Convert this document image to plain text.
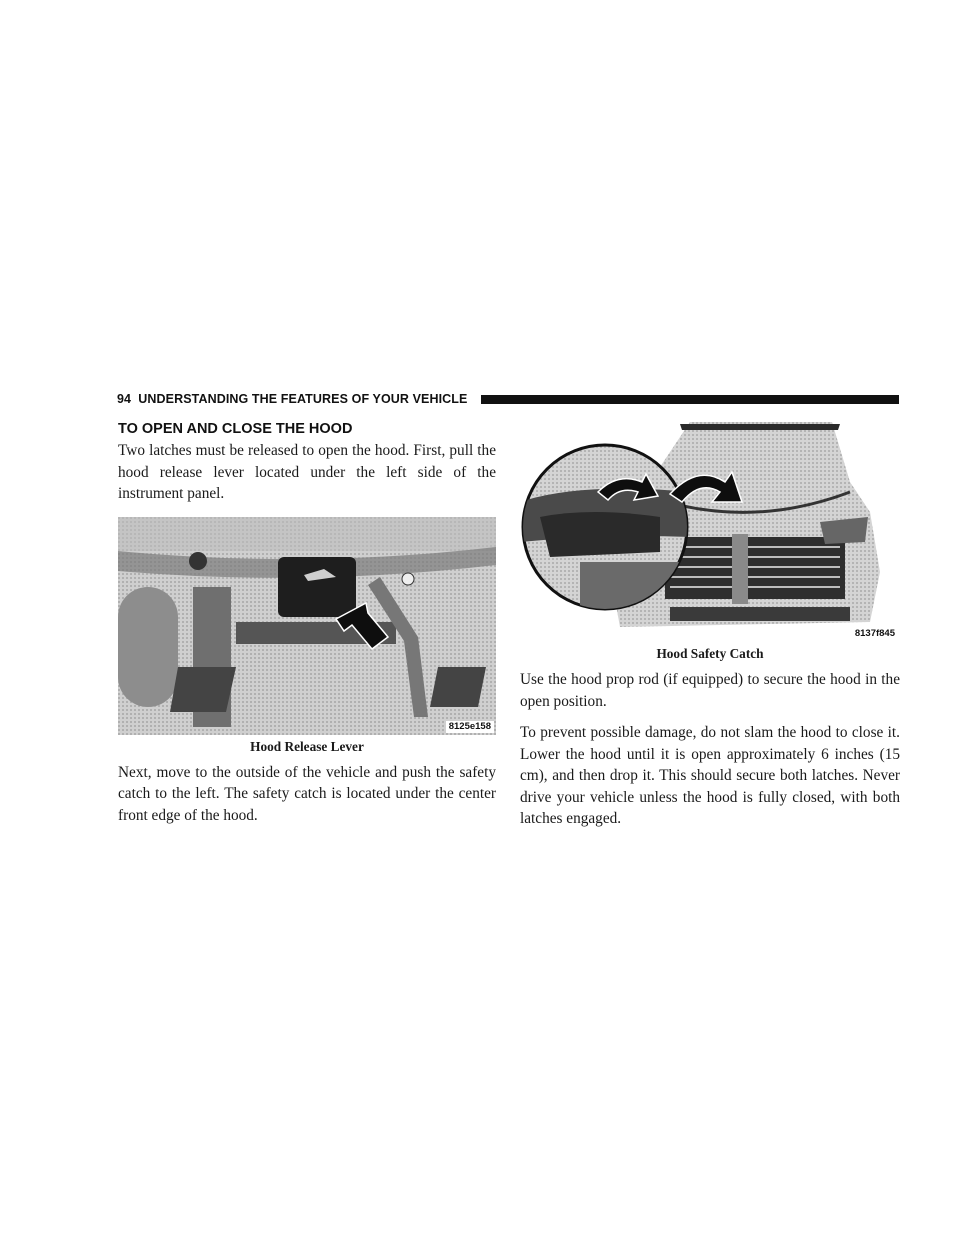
94 UNDERSTANDING THE FEATURES OF YOUR VEHICLE
TO OPEN AND CLOSE THE HOOD

Two latches must be released to open the hood. First, pull the hood release lever located under the left side of the instrument panel.

8125e158
Hood Release Lever

Next, move to the outside of the vehicle and push the safety catch to the left. The safety catch is located under the center front edge of the hood.

8137f845
Hood Safety Catch

Use the hood prop rod (if equipped) to secure the hood in the open position.

To prevent possible damage, do not slam the hood to close it. Lower the hood until it is open approximately 6 inches (15 cm), and then drop it. This should secure both latches. Never drive your vehicle unless the hood is fully closed, with both latches engaged.
